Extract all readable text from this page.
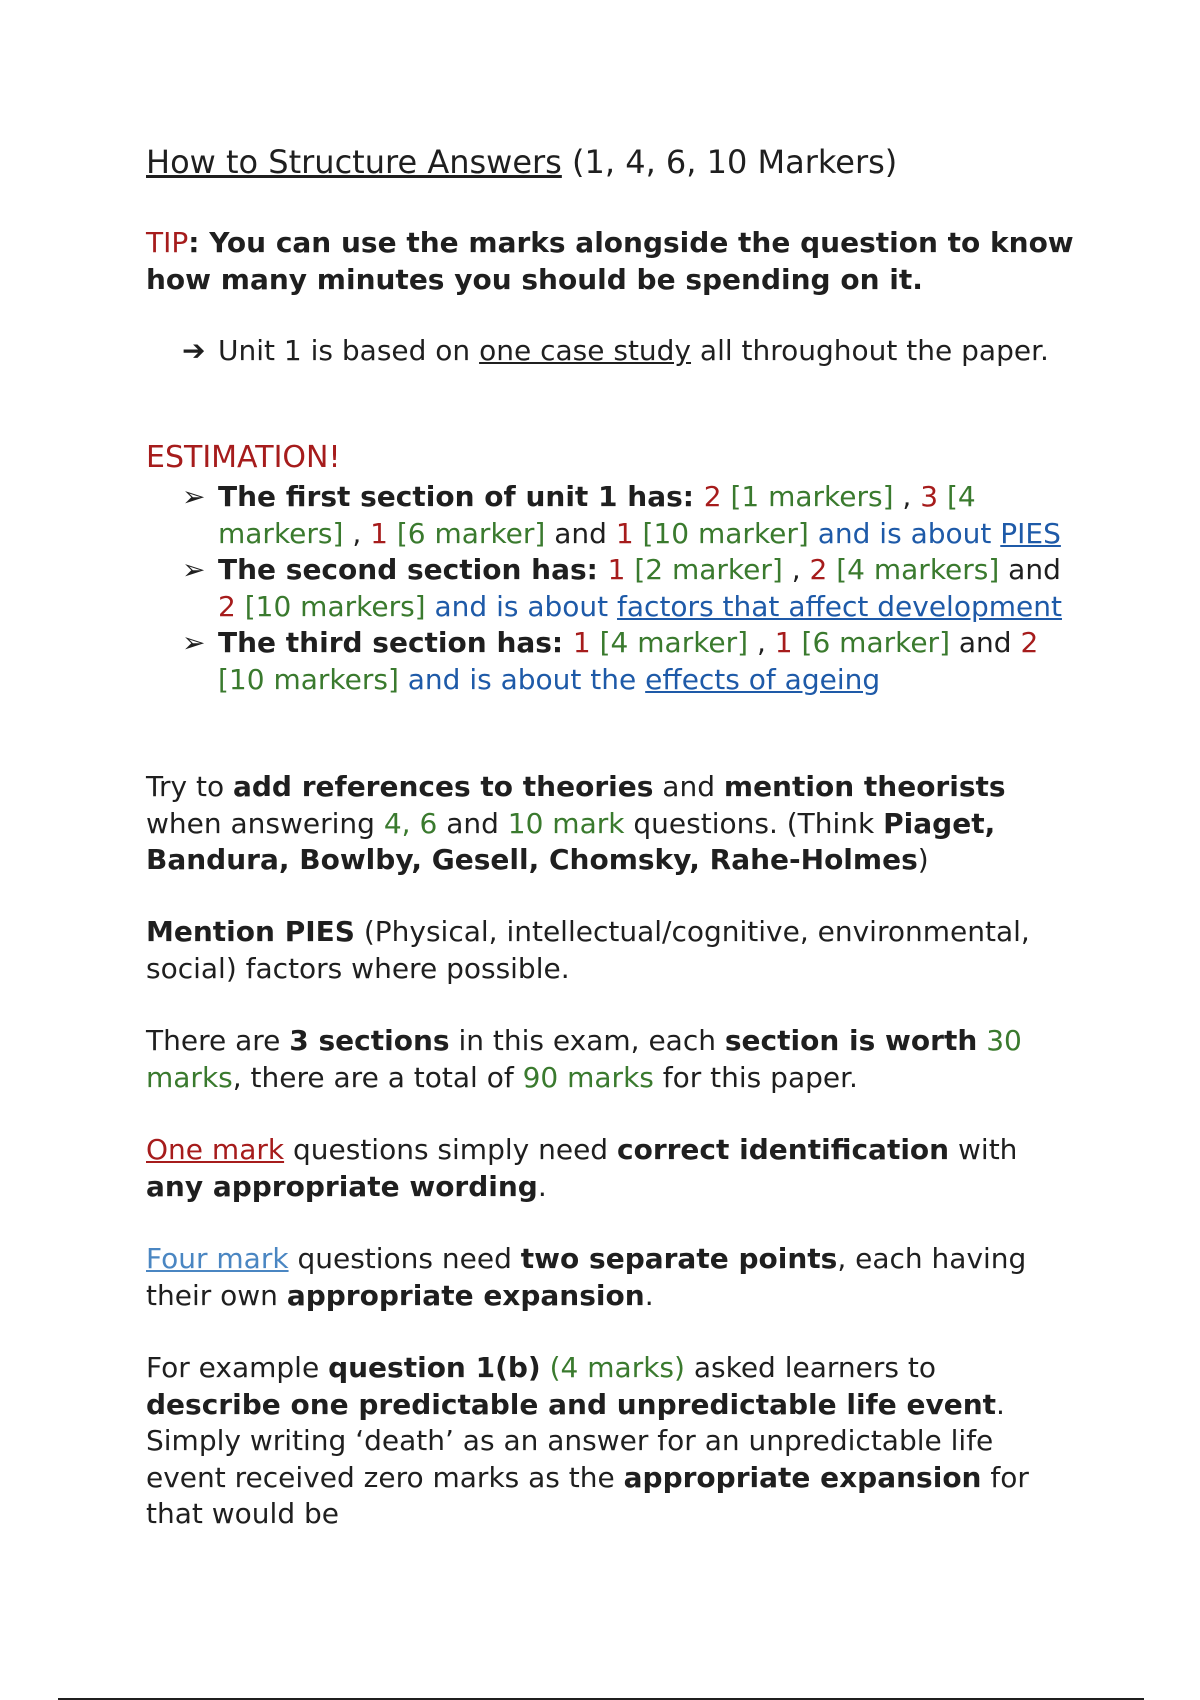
How to Structure Answers (1, 4, 6, 10 Markers)
TIP: You can use the marks alongside the question to know how many minutes you should be spending on it.
➔ Unit 1 is based on one case study all throughout the paper.
ESTIMATION!
➢ The first section of unit 1 has: 2 [1 markers] , 3 [4 markers] , 1 [6 marker] and 1 [10 marker] and is about PIES
➢ The second section has: 1 [2 marker] , 2 [4 markers] and 2 [10 markers] and is about factors that affect development
➢ The third section has: 1 [4 marker] , 1 [6 marker] and 2 [10 markers] and is about the effects of ageing
Try to add references to theories and mention theorists when answering 4, 6 and 10 mark questions. (Think Piaget, Bandura, Bowlby, Gesell, Chomsky, Rahe-Holmes)
Mention PIES (Physical, intellectual/cognitive, environmental, social) factors where possible.
There are 3 sections in this exam, each section is worth 30 marks, there are a total of 90 marks for this paper.
One mark questions simply need correct identification with any appropriate wording.
Four mark questions need two separate points, each having their own appropriate expansion.
For example question 1(b) (4 marks) asked learners to describe one predictable and unpredictable life event. Simply writing ‘death’ as an answer for an unpredictable life event received zero marks as the appropriate expansion for that would be
